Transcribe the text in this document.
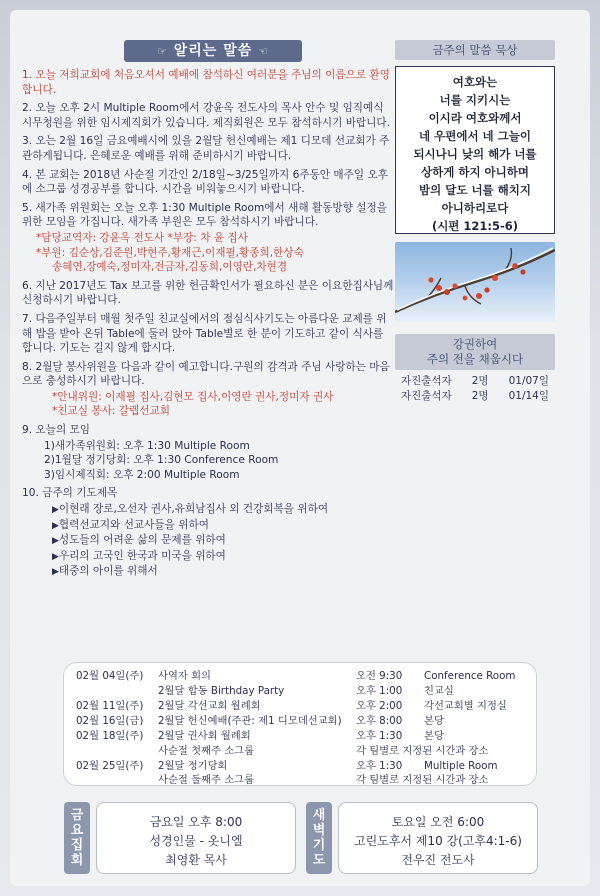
☞ 알리는 말씀 ☜
1. 오늘 저희교회에 처음오셔서 예배에 참석하신 여러분을 주님의 이름으로 환영합니다.
2. 오늘 오후 2시 Multiple Room에서 강윤옥 전도사의 목사 안수 및 임직예식 시무청원을 위한 임시제직회가 있습니다. 제직회원은 모두 참석하시기 바랍니다.
3. 오는 2월 16일 금요예배시에 있을 2월달 헌신예배는 제1 디모데 선교회가 주관하게됩니다. 은혜로운 예배를 위해 준비하시기 바랍니다.
4. 본 교회는 2018년 사순절 기간인 2/18일~3/25일까지 6주동안 매주일 오후에 소그룹 성경공부를 합니다. 시간을 비워놓으시기 바랍니다.
5. 새가족 위원회는 오늘 오후 1:30 Multiple Room에서 새해 활동방향 설정을 위한 모임을 가집니다. 새가족 부원은 모두 참석하시기 바랍니다.
*담당교역자: 강윤옥 전도사 *부장: 차 윤 집사
*부원: 김순상,김준원,박현주,황재근,이재필,황종희,한상숙
송혜연,장예숙,정미자,전금자,김동희,이영란,차현경
6. 지난 2017년도 Tax 보고를 위한 헌금확인서가 필요하신 분은 이요한집사님께 신청하시기 바랍니다.
7. 다음주일부터 매월 첫주일 친교실에서의 점심식사기도는 아름다운 교제를 위해 밥을 받아 온뒤 Table에 둘러 앉아 Table별로 한 분이 기도하고 같이 식사를 합니다. 기도는 길지 않게 합시다.
8. 2월달 봉사위원을 다음과 같이 예고합니다.구원의 감격과 주님 사랑하는 마음으로 충성하시기 바랍니다.
*안내위원: 이재필 집사,김현모 집사,이영란 권사,정미자 권사
*친교실 봉사: 갈렙선교회
9. 오늘의 모임
1)새가족위원회: 오후 1:30 Multiple Room
2)1월달 정기당회: 오후 1:30 Conference Room
3)임시제직회: 오후 2:00 Multiple Room
10. 금주의 기도제목
▶이현래 장로,오선자 권사,유희남집사 외 건강회복을 위하여
▶협력선교지와 선교사들을 위하여
▶성도들의 어려운 삶의 문제를 위하여
▶우리의 고국인 한국과 미국을 위하여
▶태중의 아이를 위해서
금주의 말씀 묵상
여호와는
너를 지키시는
이시라 여호와께서
네 우편에서 네 그늘이
되시나니 낮의 해가 너를
상하게 하지 아니하며
밤의 달도 너를 해치지
아니하리로다
(시편 121:5-6)
강권하여
주의 전을 채웁시다
자진출석자 2명 01/07일
자진출석자 2명 01/14일
02월 04일(주) 사역자 회의	오전 9:30 Conference Room
2월달 합동 Birthday Party	오후 1:00 친교실
02월 11일(주) 2월달 각선교회 월례회	오후 2:00 각선교회별 지정실
02월 16일(금) 2월달 헌신예배(주관: 제1 디모데선교회) 오후 8:00 본당
02월 18일(주) 2월달 권사회 월례회	오후 1:30 본당
사순절 첫째주 소그룹	각 팀별로 지정된 시간과 장소
02월 25일(주) 2월달 정기당회	오후 1:30 Multiple Room
사순절 둘째주 소그룹	각 팀별로 지정된 시간과 장소
금
요
집
회
금요일 오후 8:00
성경인물 - 옷니엘
최영환 목사
새
벽
기
도
토요일 오전 6:00
고린도후서 제10 강(고후4:1-6)
전우진 전도사
